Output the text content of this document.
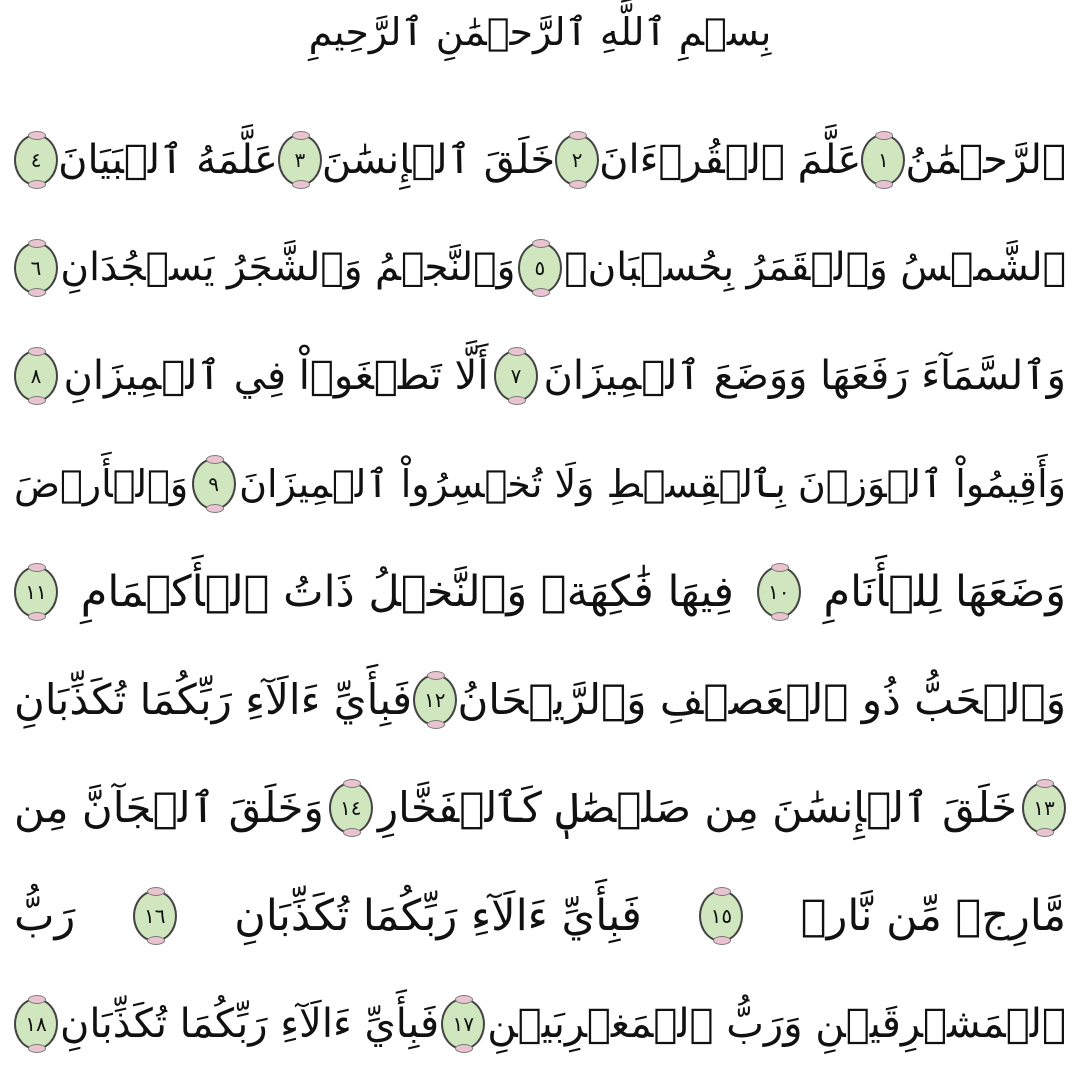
بِسۡمِ ٱللَّهِ ٱلرَّحۡمَٰنِ ٱلرَّحِيمِ
ٱلرَّحۡمَٰنُ
١
عَلَّمَ ٱلۡقُرۡءَانَ
٢
خَلَقَ ٱلۡإِنسَٰنَ
٣
عَلَّمَهُ ٱلۡبَيَانَ
٤
ٱلشَّمۡسُ وَٱلۡقَمَرُ بِحُسۡبَانٖ
٥
وَٱلنَّجۡمُ وَٱلشَّجَرُ يَسۡجُدَانِ
٦
وَٱلسَّمَآءَ رَفَعَهَا وَوَضَعَ ٱلۡمِيزَانَ
٧
أَلَّا تَطۡغَوۡاْ فِي ٱلۡمِيزَانِ
٨
وَأَقِيمُواْ ٱلۡوَزۡنَ بِٱلۡقِسۡطِ وَلَا تُخۡسِرُواْ ٱلۡمِيزَانَ
٩
وَٱلۡأَرۡضَ
وَضَعَهَا لِلۡأَنَامِ
١٠
فِيهَا فَٰكِهَةٞ وَٱلنَّخۡلُ ذَاتُ ٱلۡأَكۡمَامِ
١١
وَٱلۡحَبُّ ذُو ٱلۡعَصۡفِ وَٱلرَّيۡحَانُ
١٢
فَبِأَيِّ ءَالَآءِ رَبِّكُمَا تُكَذِّبَانِ
١٣
خَلَقَ ٱلۡإِنسَٰنَ مِن صَلۡصَٰلٖ كَٱلۡفَخَّارِ
١٤
وَخَلَقَ ٱلۡجَآنَّ مِن
مَّارِجٖ مِّن نَّارٖ
١٥
فَبِأَيِّ ءَالَآءِ رَبِّكُمَا تُكَذِّبَانِ
١٦
رَبُّ
ٱلۡمَشۡرِقَيۡنِ وَرَبُّ ٱلۡمَغۡرِبَيۡنِ
١٧
فَبِأَيِّ ءَالَآءِ رَبِّكُمَا تُكَذِّبَانِ
١٨
